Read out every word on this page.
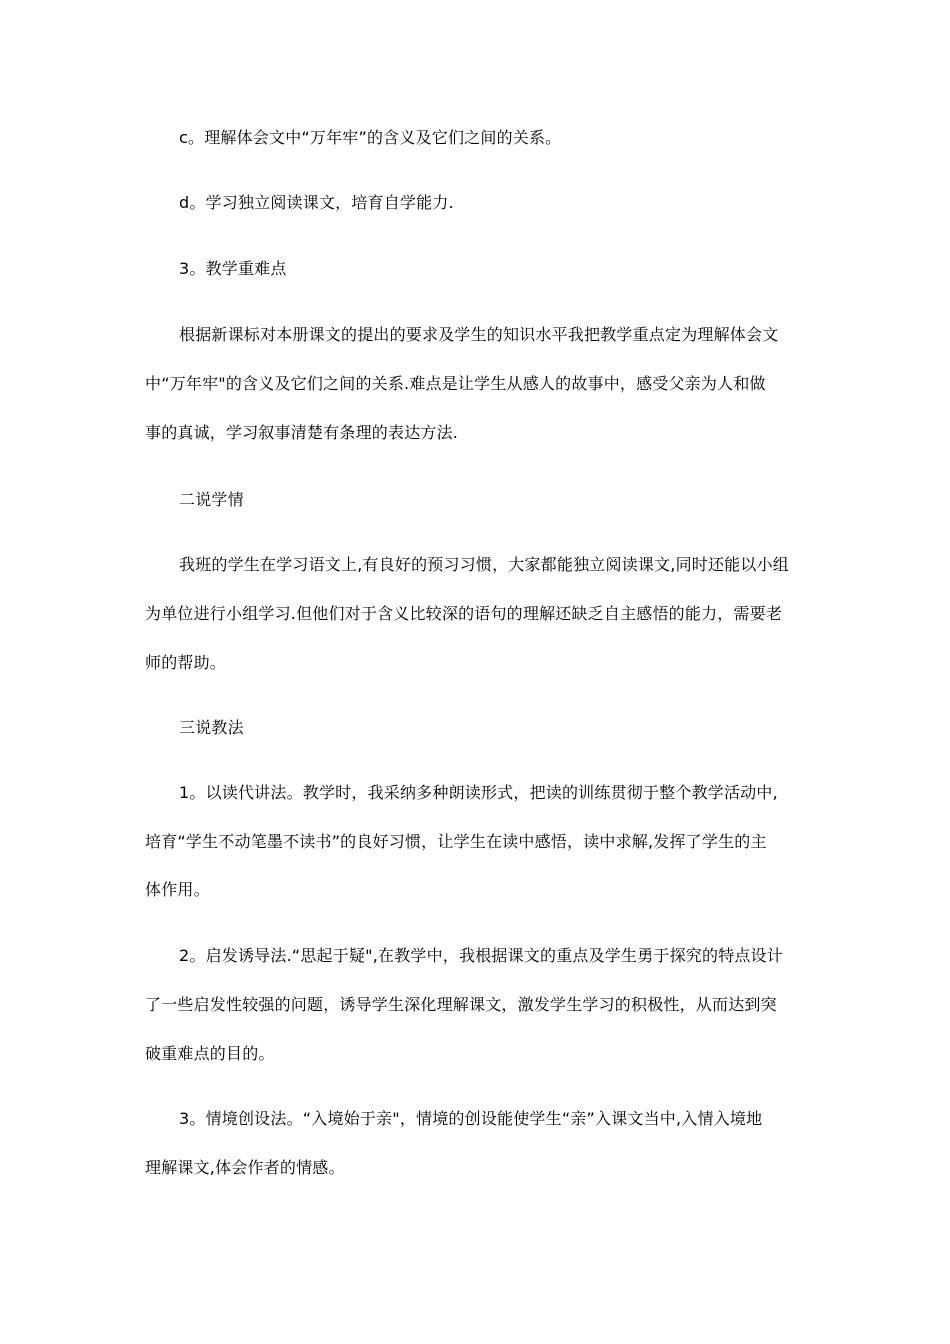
c。理解体会文中“万年牢”的含义及它们之间的关系。
d。学习独立阅读课文，培育自学能力.
3。教学重难点
根据新课标对本册课文的提出的要求及学生的知识水平我把教学重点定为理解体会文
中“万年牢"的含义及它们之间的关系.难点是让学生从感人的故事中，感受父亲为人和做
事的真诚，学习叙事清楚有条理的表达方法.
二说学情
我班的学生在学习语文上,有良好的预习习惯，大家都能独立阅读课文,同时还能以小组
为单位进行小组学习.但他们对于含义比较深的语句的理解还缺乏自主感悟的能力，需要老
师的帮助。
三说教法
1。以读代讲法。教学时，我采纳多种朗读形式，把读的训练贯彻于整个教学活动中,
培育“学生不动笔墨不读书”的良好习惯，让学生在读中感悟，读中求解,发挥了学生的主
体作用。
2。启发诱导法.“思起于疑",在教学中，我根据课文的重点及学生勇于探究的特点设计
了一些启发性较强的问题，诱导学生深化理解课文，激发学生学习的积极性，从而达到突
破重难点的目的。
3。情境创设法。“入境始于亲"，情境的创设能使学生“亲”入课文当中,入情入境地
理解课文,体会作者的情感。
